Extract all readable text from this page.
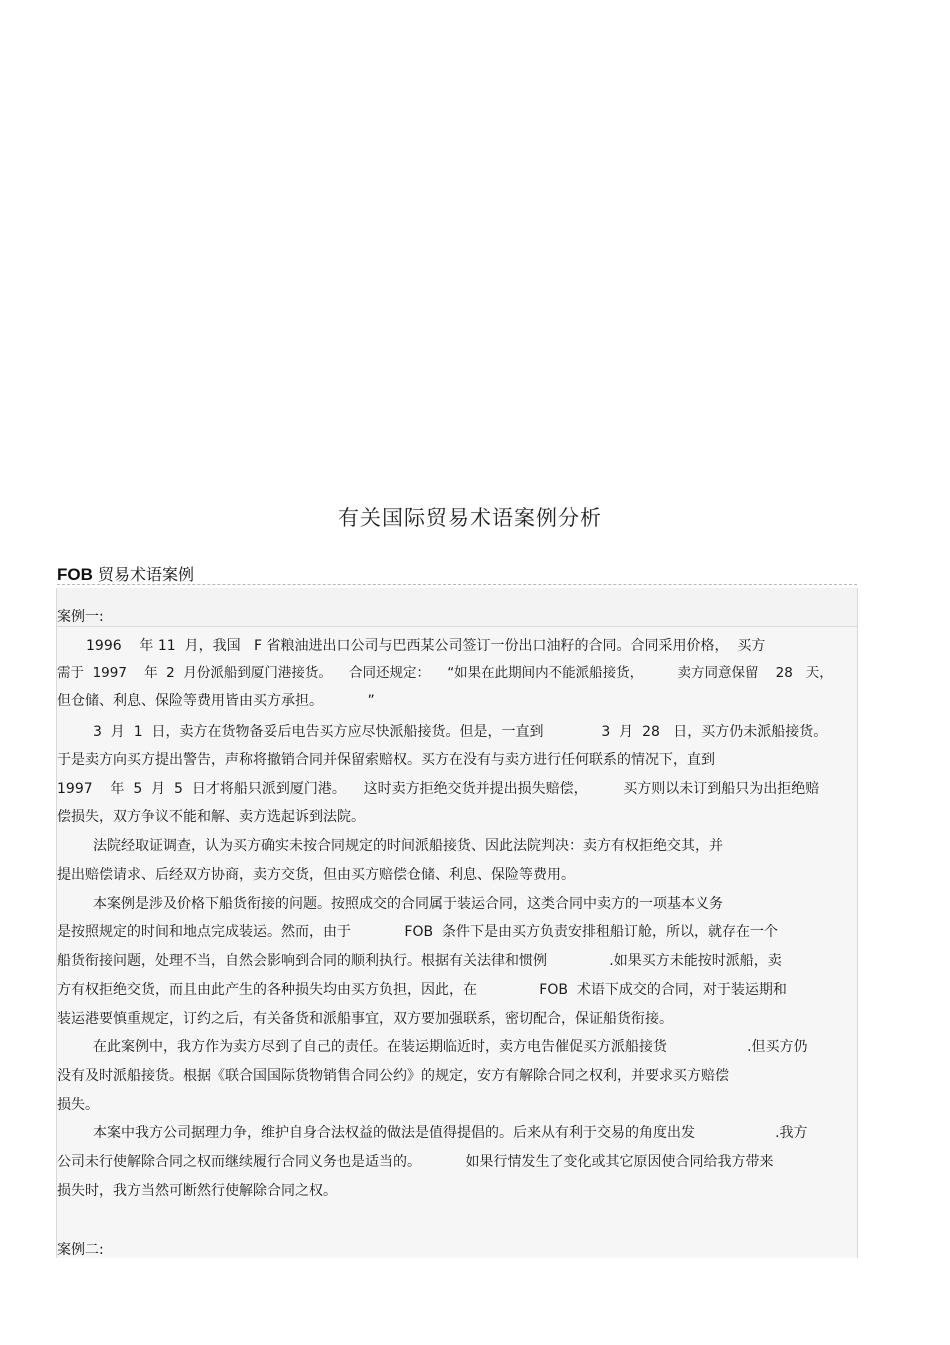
有关国际贸易术语案例分析
FOB 贸易术语案例
案例一:
1996    年 11  月，我国   F 省粮油进出口公司与巴西某公司签订一份出口油籽的合同。合同采用价格，  买方
需于  1997    年  2  月份派船到厦门港接货。    合同还规定：    “如果在此期间内不能派船接货，        卖方同意保留    28   天，
但仓储、利息、保险等费用皆由买方承担。          ”
3  月  1  日，卖方在货物备妥后电告买方应尽快派船接货。但是，一直到             3  月  28   日，买方仍未派船接货。
于是卖方向买方提出警告，声称将撤销合同并保留索赔权。买方在没有与卖方进行任何联系的情况下，直到
1997    年  5  月  5  日才将船只派到厦门港。    这时卖方拒绝交货并提出损失赔偿，        买方则以未订到船只为出拒绝赔
偿损失，双方争议不能和解、卖方选起诉到法院。
法院经取证调查，认为买方确实未按合同规定的时间派船接货、因此法院判决：卖方有权拒绝交其，并
提出赔偿请求、后经双方协商，卖方交货，但由买方赔偿仓储、利息、保险等费用。
本案例是涉及价格下船货衔接的问题。按照成交的合同属于装运合同，这类合同中卖方的一项基本义务
是按照规定的时间和地点完成装运。然而，由于            FOB  条件下是由买方负责安排租船订舱，所以，就存在一个
船货衔接问题，处理不当，自然会影响到合同的顺利执行。根据有关法律和惯例              .如果买方未能按时派船，卖
方有权拒绝交货，而且由此产生的各种损失均由买方负担，因此，在              FOB  术语下成交的合同，对于装运期和
装运港要慎重规定，订约之后，有关备货和派船事宜，双方要加强联系，密切配合，保证船货衔接。
在此案例中，我方作为卖方尽到了自己的责任。在装运期临近时，卖方电告催促买方派船接货                  .但买方仍
没有及时派船接货。根据《联合国国际货物销售合同公约》的规定，安方有解除合同之权利，并要求买方赔偿
损失。
本案中我方公司据理力争，维护自身合法权益的做法是值得提倡的。后来从有利于交易的角度出发                  .我方
公司未行使解除合同之权而继续履行合同义务也是适当的。          如果行情发生了变化或其它原因使合同给我方带来
损失时，我方当然可断然行使解除合同之权。
案例二:
